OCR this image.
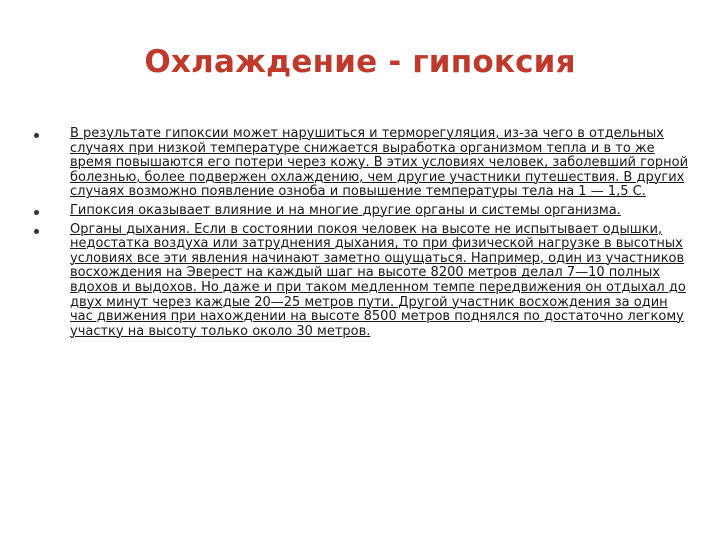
Охлаждение - гипоксия
В результате гипоксии может нарушиться и терморегуляция, из-за чего в отдельных случаях при низкой температуре снижается выработка организмом тепла и в то же время повышаются его потери через кожу. В этих условиях человек, заболевший горной болезнью, более подвержен охлаждению, чем другие участники путешествия. В других случаях возможно появление озноба и повышение температуры тела на 1 — 1,5 С.
Гипоксия оказывает влияние и на многие другие органы и системы организма.
Органы дыхания. Если в состоянии покоя человек на высоте не испытывает одышки, недостатка воздуха или затруднения дыхания, то при физической нагрузке в высотных условиях все эти явления начинают заметно ощущаться. Например, один из участников восхождения на Эверест на каждый шаг на высоте 8200 метров делал 7—10 полных вдохов и выдохов. Но даже и при таком медленном темпе передвижения он отдыхал до двух минут через каждые 20—25 метров пути. Другой участник восхождения за один час движения при нахождении на высоте 8500 метров поднялся по достаточно легкому участку на высоту только около 30 метров.
